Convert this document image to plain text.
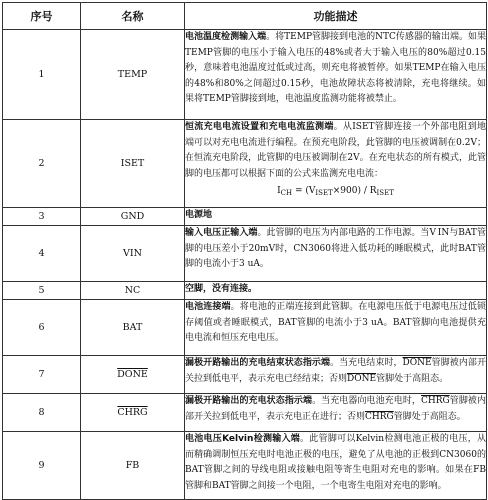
序号	名称	功能描述
1	TEMP	电池温度检测输入端。将TEMP管脚接到电池的NTC传感器的输出端。如果TEMP管脚的电压小于输入电压的48%或者大于输入电压的80%超过0.15秒，意味着电池温度过低或过高，则充电将被暂停。如果TEMP在输入电压的48%和80%之间超过0.15秒，电池故障状态将被清除，充电将继续。如果将TEMP管脚接到地，电池温度监测功能将被禁止。
2	ISET	恒流充电电流设置和充电电流监测端。从ISET管脚连接一个外部电阻到地端可以对充电电流进行编程。在预充电阶段，此管脚的电压被调制在0.2V；在恒流充电阶段，此管脚的电压被调制在2V。在充电状态的所有模式，此管脚的电压都可以根据下面的公式来监测充电电流：
$I_{CH} = (V_{ISET}\times 900) / R_{ISET}$

3	GND	电源地
4	VIN	输入电压正输入端。此管脚的电压为内部电路的工作电源。当V IN与BAT管脚的电压差小于20mV时，CN3060将进入低功耗的睡眠模式，此时BAT管脚的电流小于3 uA。
5	NC	空脚，没有连接。
6	BAT	电池连接端。将电池的正端连接到此管脚。在电源电压低于电源电压过低锁存阈值或者睡眠模式，BAT管脚的电流小于3 uA。BAT管脚向电池提供充电电流和恒压充电电压。
7	DONE	漏极开路输出的充电结束状态指示端。当充电结束时，DONE管脚被内部开关拉到低电平，表示充电已经结束；否则DONE管脚处于高阻态。
8	CHRG	漏极开路输出的充电状态指示端。当充电器向电池充电时，CHRG管脚被内部开关拉到低电平，表示充电正在进行；否则CHRG管脚处于高阻态。
9	FB	电池电压Kelvin检测输入端。此管脚可以Kelvin检测电池正极的电压，从而精确调制恒压充电时电池正极的电压，避免了从电池的正极到CN3060的BAT管脚之间的导线电阻或接触电阻等寄生电阻对充电的影响。如果在FB管脚和BAT管脚之间接一个电阻，一个电寄生电阻对充电的影响。
